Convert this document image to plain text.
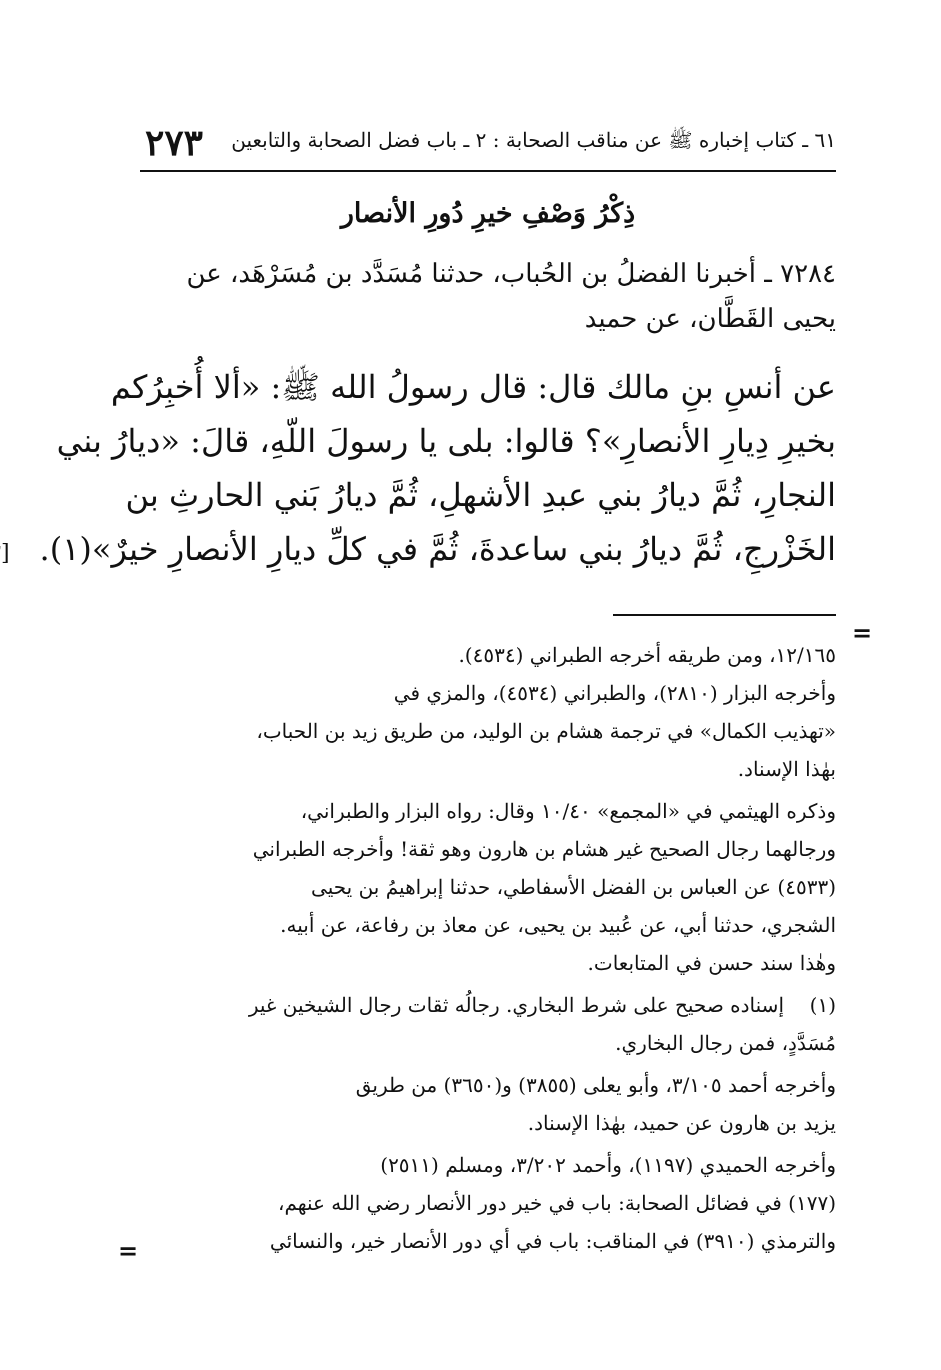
٢٧٣ ٦١ ـ كتاب إخباره ﷺ عن مناقب الصحابة : ٢ ـ باب فضل الصحابة والتابعين
ذِكْرُ وَصْفِ خيرِ دُورِ الأنصار
٧٢٨٤ ـ أخبرنا الفضلُ بن الحُباب، حدثنا مُسَدَّد بن مُسَرْهَد، عن
يحيى القَطَّان، عن حميد
عن أنسِ بنِ مالك قال: قال رسولُ الله ﷺ: «ألا أُخبِرُكم
بخيرِ دِيارِ الأنصارِ»؟ قالوا: بلى يا رسولَ اللّهِ، قالَ: «ديارُ بني
النجارِ، ثُمَّ ديارُ بني عبدِ الأشهلِ، ثُمَّ ديارُ بَني الحارثِ بن
الخَزْرجِ، ثُمَّ ديارُ بني ساعدةَ، ثُمَّ في كلِّ ديارِ الأنصارِ خيرٌ»(١). ]
=
١٢/١٦٥، ومن طريقه أخرجه الطبراني (٤٥٣٤).
وأخرجه البزار (٢٨١٠)، والطبراني (٤٥٣٤)، والمزي في
«تهذيب الكمال» في ترجمة هشام بن الوليد، من طريق زيد بن الحباب،
بهٰذا الإسناد.
وذكره الهيثمي في «المجمع» ١٠/٤٠ وقال: رواه البزار والطبراني،
ورجالهما رجال الصحيح غير هشام بن هارون وهو ثقة! وأخرجه الطبراني
(٤٥٣٣) عن العباس بن الفضل الأسفاطي، حدثنا إبراهيمُ بن يحيى
الشجري، حدثنا أبي، عن عُبيد بن يحيى، عن معاذ بن رفاعة، عن أبيه.
وهٰذا سند حسن في المتابعات.
(١)إسناده صحيح على شرط البخاري. رجالُه ثقات رجال الشيخين غير
مُسَدَّدٍ، فمن رجال البخاري.
وأخرجه أحمد ٣/١٠٥، وأبو يعلى (٣٨٥٥) و(٣٦٥٠) من طريق
يزيد بن هارون عن حميد، بهٰذا الإسناد.
وأخرجه الحميدي (١١٩٧)، وأحمد ٣/٢٠٢، ومسلم (٢٥١١)
(١٧٧) في فضائل الصحابة: باب في خير دور الأنصار رضي الله عنهم،
والترمذي (٣٩١٠) في المناقب: باب في أي دور الأنصار خير، والنسائي
=
